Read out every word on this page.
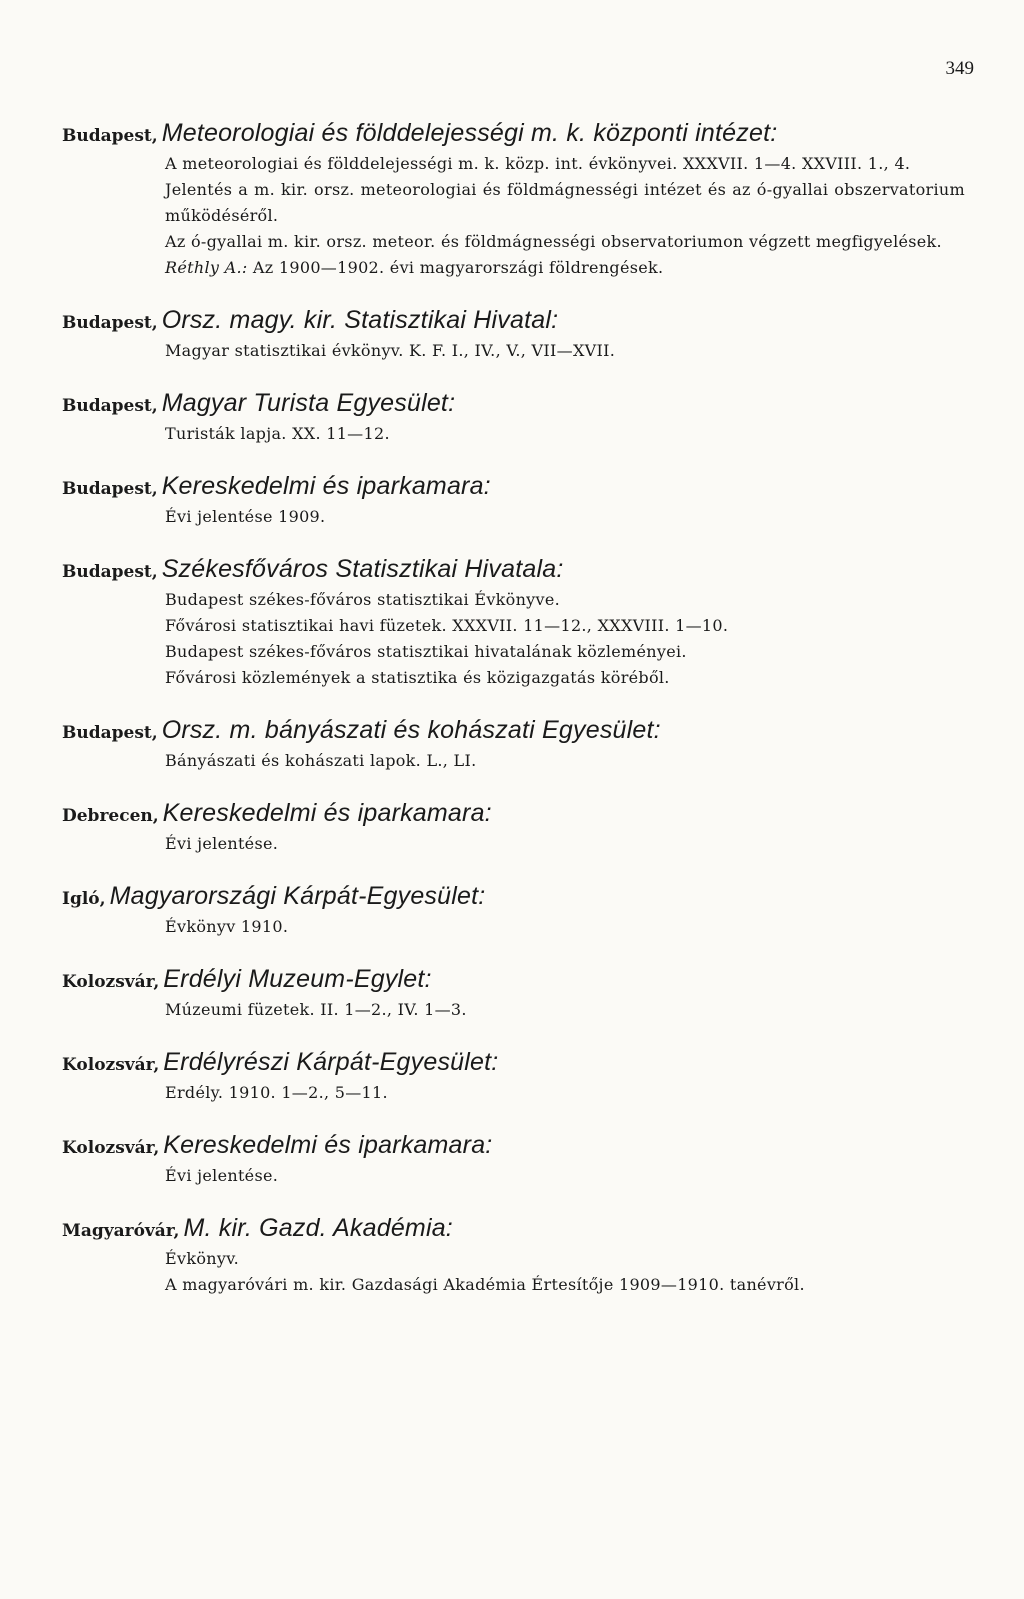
349
Budapest, Meteorologiai és földdelejességi m. k. központi intézet:
A meteorologiai és földdelejességi m. k. közp. int. évkönyvei. XXXVII. 1—4. XXVIII. 1., 4.
Jelentés a m. kir. orsz. meteorologiai és földmágnességi intézet és az ó-gyallai obszervatorium működéséről.
Az ó-gyallai m. kir. orsz. meteor. és földmágnességi observatoriumon végzett megfigyelések.
Réthly A.: Az 1900—1902. évi magyarországi földrengések.
Budapest, Orsz. magy. kir. Statisztikai Hivatal:
Magyar statisztikai évkönyv. K. F. I., IV., V., VII—XVII.
Budapest, Magyar Turista Egyesület:
Turisták lapja. XX. 11—12.
Budapest, Kereskedelmi és iparkamara:
Évi jelentése 1909.
Budapest, Székesfőváros Statisztikai Hivatala:
Budapest székes-főváros statisztikai Évkönyve.
Fővárosi statisztikai havi füzetek. XXXVII. 11—12., XXXVIII. 1—10.
Budapest székes-főváros statisztikai hivatalának közleményei.
Fővárosi közlemények a statisztika és közigazgatás köréből.
Budapest, Orsz. m. bányászati és kohászati Egyesület:
Bányászati és kohászati lapok. L., LI.
Debrecen, Kereskedelmi és iparkamara:
Évi jelentése.
Igló, Magyarországi Kárpát-Egyesület:
Évkönyv 1910.
Kolozsvár, Erdélyi Muzeum-Egylet:
Múzeumi füzetek. II. 1—2., IV. 1—3.
Kolozsvár, Erdélyrészi Kárpát-Egyesület:
Erdély. 1910. 1—2., 5—11.
Kolozsvár, Kereskedelmi és iparkamara:
Évi jelentése.
Magyaróvár, M. kir. Gazd. Akadémia:
Évkönyv.
A magyaróvári m. kir. Gazdasági Akadémia Értesítője 1909—1910. tanévről.
